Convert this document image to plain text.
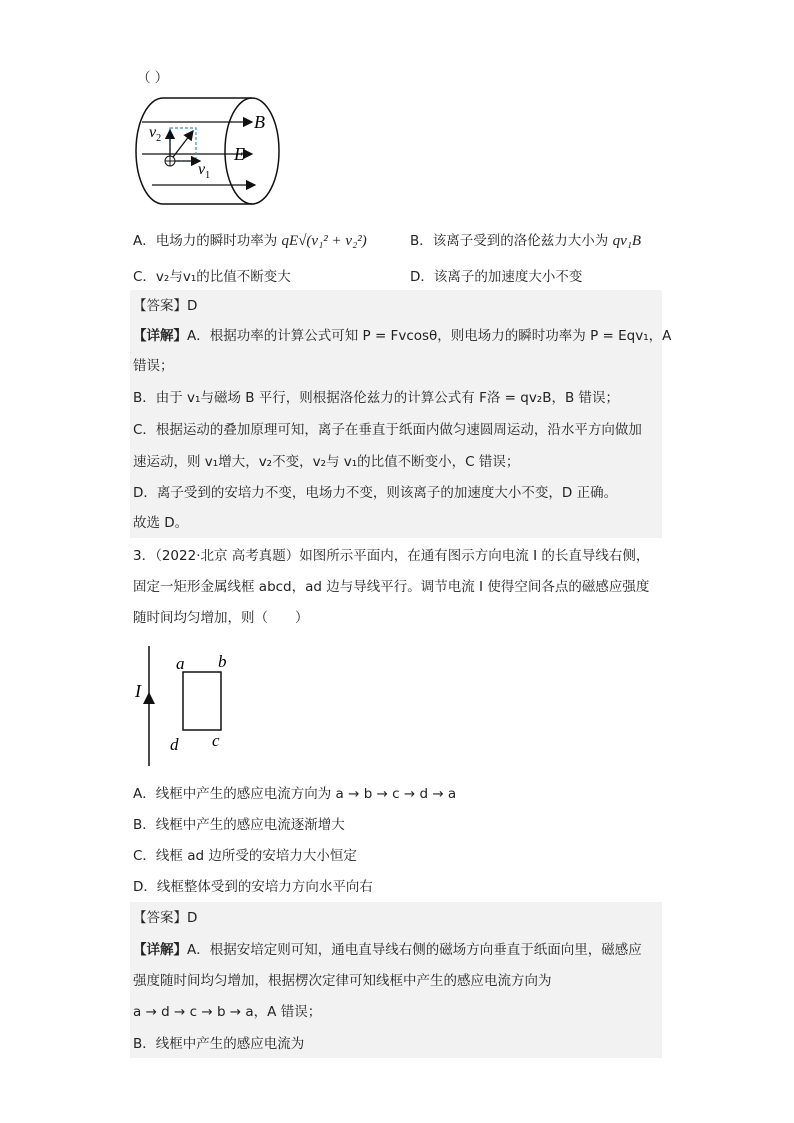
（ ）
B
E
$v_2$
$v_1$
A．电场力的瞬时功率为 qE√(v₁² + v₂²)	B．该离子受到的洛伦兹力大小为 qv₁B
C．v₂与v₁的比值不断变大	D．该离子的加速度大小不变
【答案】D
【详解】A．根据功率的计算公式可知 P = Fvcosθ，则电场力的瞬时功率为 P = Eqv₁，A
错误；
B．由于 v₁与磁场 B 平行，则根据洛伦兹力的计算公式有 F洛 = qv₂B，B 错误；
C．根据运动的叠加原理可知，离子在垂直于纸面内做匀速圆周运动，沿水平方向做加
速运动，则 v₁增大，v₂不变，v₂与 v₁的比值不断变小，C 错误；
D．离子受到的安培力不变，电场力不变，则该离子的加速度大小不变，D 正确。
故选 D。
3．（2022·北京 高考真题）如图所示平面内，在通有图示方向电流 I 的长直导线右侧，
固定一矩形金属线框 abcd，ad 边与导线平行。调节电流 I 使得空间各点的磁感应强度
随时间均匀增加，则（　　）
I
a b
c
d
A．线框中产生的感应电流方向为 a → b → c → d → a
B．线框中产生的感应电流逐渐增大
C．线框 ad 边所受的安培力大小恒定
D．线框整体受到的安培力方向水平向右
【答案】D
【详解】A．根据安培定则可知，通电直导线右侧的磁场方向垂直于纸面向里，磁感应
强度随时间均匀增加，根据楞次定律可知线框中产生的感应电流方向为
a → d → c → b → a，A 错误；
B．线框中产生的感应电流为
